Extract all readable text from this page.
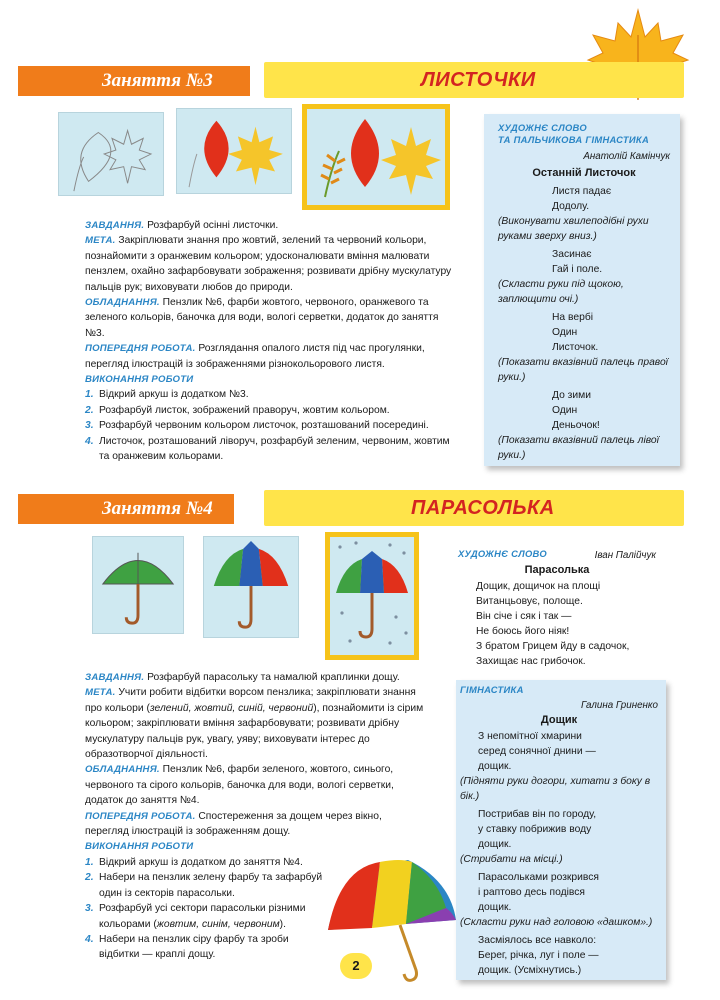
Заняття №3	ЛИСТОЧКИ

ЗАВДАННЯ. Розфарбуй осінні листочки.

МЕТА. Закріплювати знання про жовтий, зелений та червоний кольори, познайомити з оранжевим кольором; удосконалювати вміння малювати пензлем, охайно зафарбовувати зображення; розвивати дрібну мускулатуру пальців рук; виховувати любов до природи.

ОБЛАДНАННЯ. Пензлик №6, фарби жовтого, червоного, оранжевого та зеленого кольорів, баночка для води, вологі серветки, додаток до заняття №3.

ПОПЕРЕДНЯ РОБОТА. Розглядання опалого листя під час прогулянки, перегляд ілюстрацій із зображеннями різнокольорового листя.

ВИКОНАННЯ РОБОТИ
1 . Відкрий аркуш із додатком №3.
2 . Розфарбуй листок, зображений праворуч, жовтим кольором.
3 . Розфарбуй червоним кольором листочок, розташований посередині.
4 . Листочок, розташований ліворуч, розфарбуй зеленим, червоним, жовтим та оранжевим кольорами.
ХУДОЖНЄ СЛОВО
ТА ПАЛЬЧИКОВА ГІМНАСТИКА
Анатолій Камінчук
Останній Листочок
Листя падає
Додолу.
(Виконувати хвилеподібні рухи руками зверху вниз.)
Засинає
Гай і поле.
(Скласти руки під щокою, заплющити очі.)
На вербі
Один
Листочок.
(Показати вказівний палець правої руки.)
До зими
Один
Деньочок!
(Показати вказівний палець лівої руки.)
Заняття №4	ПАРАСОЛЬКА

ЗАВДАННЯ. Розфарбуй парасольку та намалюй краплинки дощу.

МЕТА. Учити робити відбитки ворсом пензлика; закріплювати знання про кольори (зелений, жовтий, синій, червоний), познайомити із сірим кольором; закріплювати вміння зафарбовувати; розвивати дрібну мускулатуру пальців рук, увагу, уяву; виховувати інтерес до образотворчої діяльності.

ОБЛАДНАННЯ. Пензлик №6, фарби зеленого, жовтого, синього, червоного та сірого кольорів, баночка для води, вологі серветки, додаток до заняття №4.

ПОПЕРЕДНЯ РОБОТА. Спостереження за дощем через вікно, перегляд ілюстрацій із зображенням дощу.

ВИКОНАННЯ РОБОТИ
1 . Відкрий аркуш із додатком до заняття №4.
2 . Набери на пензлик зелену фарбу та зафарбуй один із секторів парасольки.
3 . Розфарбуй усі сектори парасольки різними кольорами (жовтим, синім, червоним).
4 . Набери на пензлик сіру фарбу та зроби відбитки — краплі дощу.
ХУДОЖНЄ СЛОВО	Іван Палійчук
Парасолька
Дощик, дощичок на площі
Витанцьовує, полоще.
Він січе і сяк і так —
Не боюсь його ніяк!
З братом Грицем йду в садочок,
Захищає нас грибочок.
ГІМНАСТИКА
Галина Гриненко
Дощик
З непомітної хмарини
серед сонячної днини —
дощик.
(Підняти руки догори, хитати з боку в бік.)
Пострибав він по городу,
у ставку побрижив воду
дощик.
(Стрибати на місці.)
Парасольками розкрився
і раптово десь подівся
дощик.
(Скласти руки над головою «дашком».)
Засміялось все навколо:
Берег, річка, луг і поле —
дощик. (Усміхнутись.)
2
